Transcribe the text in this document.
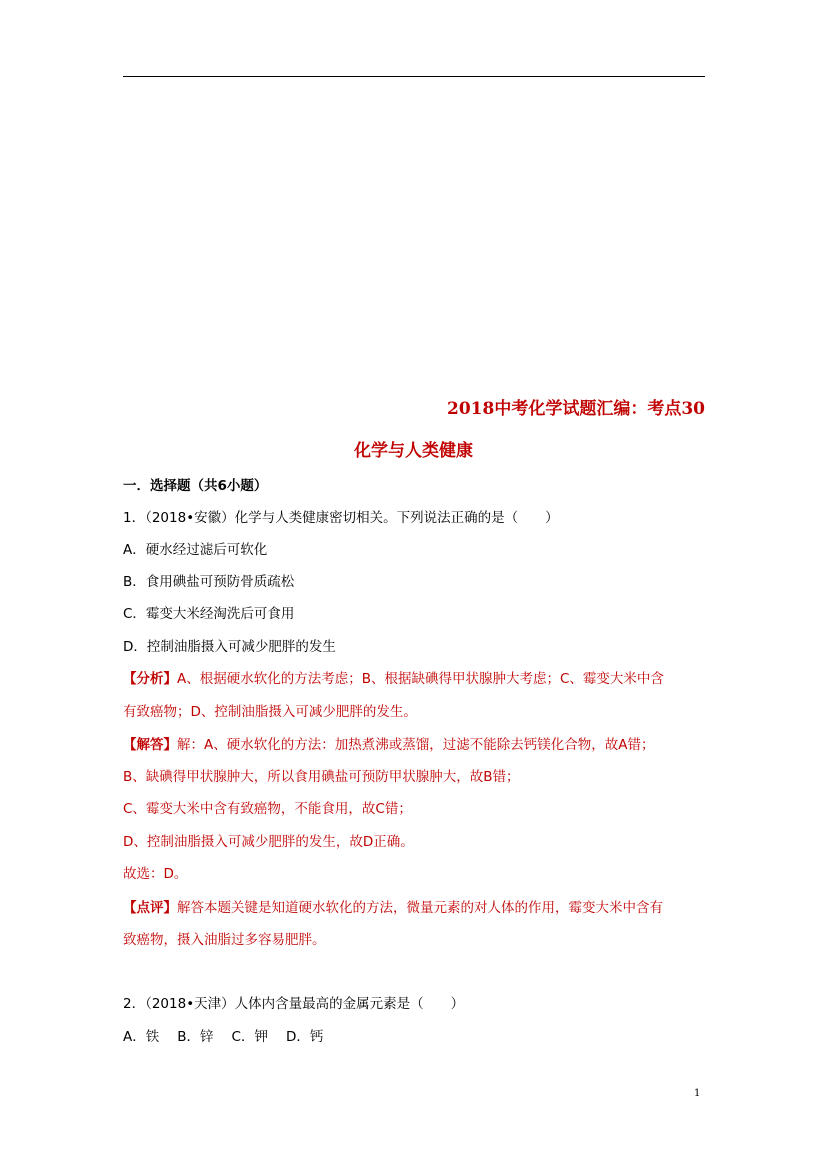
2018中考化学试题汇编：考点30
化学与人类健康
一．选择题（共6小题）
1．（2018•安徽）化学与人类健康密切相关。下列说法正确的是（　　）
A．硬水经过滤后可软化
B．食用碘盐可预防骨质疏松
C．霉变大米经淘洗后可食用
D．控制油脂摄入可减少肥胖的发生
【分析】A、根据硬水软化的方法考虑；B、根据缺碘得甲状腺肿大考虑；C、霉变大米中含
有致癌物；D、控制油脂摄入可减少肥胖的发生。
【解答】解：A、硬水软化的方法：加热煮沸或蒸馏，过滤不能除去钙镁化合物，故A错；
B、缺碘得甲状腺肿大，所以食用碘盐可预防甲状腺肿大，故B错；
C、霉变大米中含有致癌物，不能食用，故C错；
D、控制油脂摄入可减少肥胖的发生，故D正确。
故选：D。
【点评】解答本题关键是知道硬水软化的方法，微量元素的对人体的作用，霉变大米中含有
致癌物，摄入油脂过多容易肥胖。
2．（2018•天津）人体内含量最高的金属元素是（　　）
A．铁 B．锌 C．钾 D．钙
1
